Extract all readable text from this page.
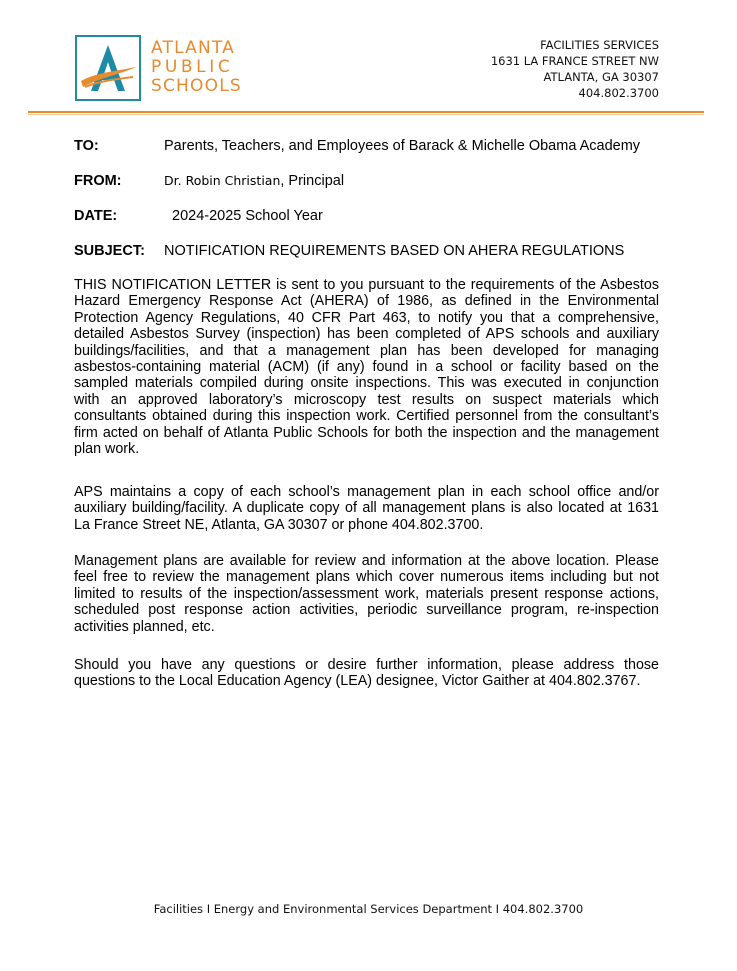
ATLANTA
PUBLIC
SCHOOLS
FACILITIES SERVICES
1631 LA FRANCE STREET NW
ATLANTA, GA 30307
404.802.3700
TO:	Parents, Teachers, and Employees of Barack & Michelle Obama Academy
FROM:	Dr. Robin Christian, Principal
DATE:	2024-2025 School Year
SUBJECT: NOTIFICATION REQUIREMENTS BASED ON AHERA REGULATIONS

THIS NOTIFICATION LETTER is sent to you pursuant to the requirements of the Asbestos Hazard Emergency Response Act (AHERA) of 1986, as defined in the Environmental Protection Agency Regulations, 40 CFR Part 463, to notify you that a comprehensive, detailed Asbestos Survey (inspection) has been completed of APS schools and auxiliary buildings/facilities, and that a management plan has been developed for managing asbestos-containing material (ACM) (if any) found in a school or facility based on the sampled materials compiled during onsite inspections. This was executed in conjunction with an approved laboratory’s microscopy test results on suspect materials which consultants obtained during this inspection work. Certified personnel from the consultant’s firm acted on behalf of Atlanta Public Schools for both the inspection and the management plan work.

APS maintains a copy of each school’s management plan in each school office and/or auxiliary building/facility. A duplicate copy of all management plans is also located at 1631 La France Street NE, Atlanta, GA 30307 or phone 404.802.3700.

Management plans are available for review and information at the above location. Please feel free to review the management plans which cover numerous items including but not limited to results of the inspection/assessment work, materials present response actions, scheduled post response action activities, periodic surveillance program, re-inspection activities planned, etc.

Should you have any questions or desire further information, please address those questions to the Local Education Agency (LEA) designee, Victor Gaither at 404.802.3767.

Facilities I Energy and Environmental Services Department I 404.802.3700
